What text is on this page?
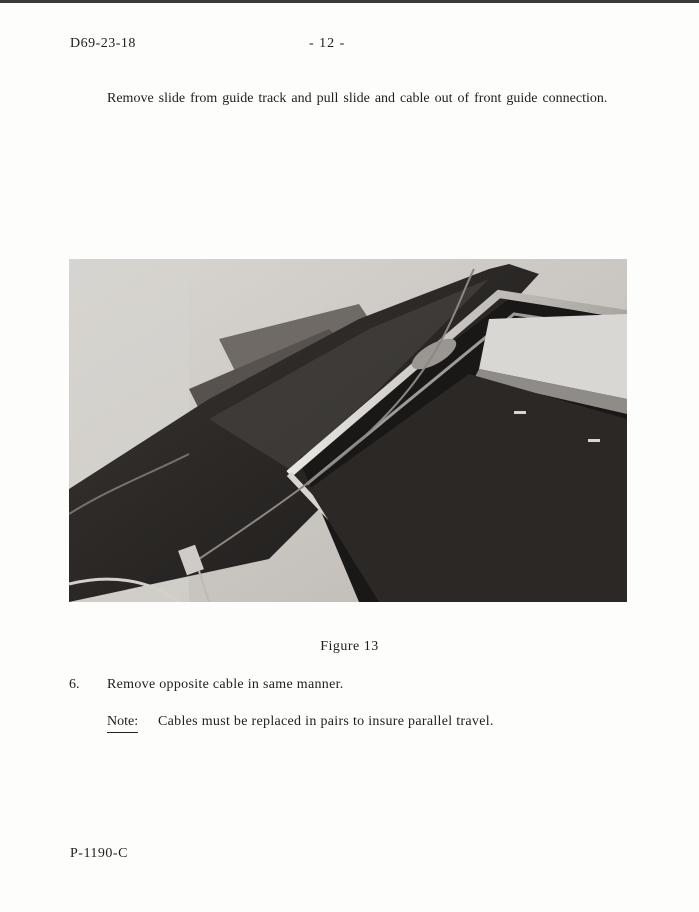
D69-23-18	- 12 -

Remove slide from guide track and pull slide and cable out of front guide connection.

Figure 13
6. Remove opposite cable in same manner.
Note: Cables must be replaced in pairs to insure parallel travel.
P-1190-C
